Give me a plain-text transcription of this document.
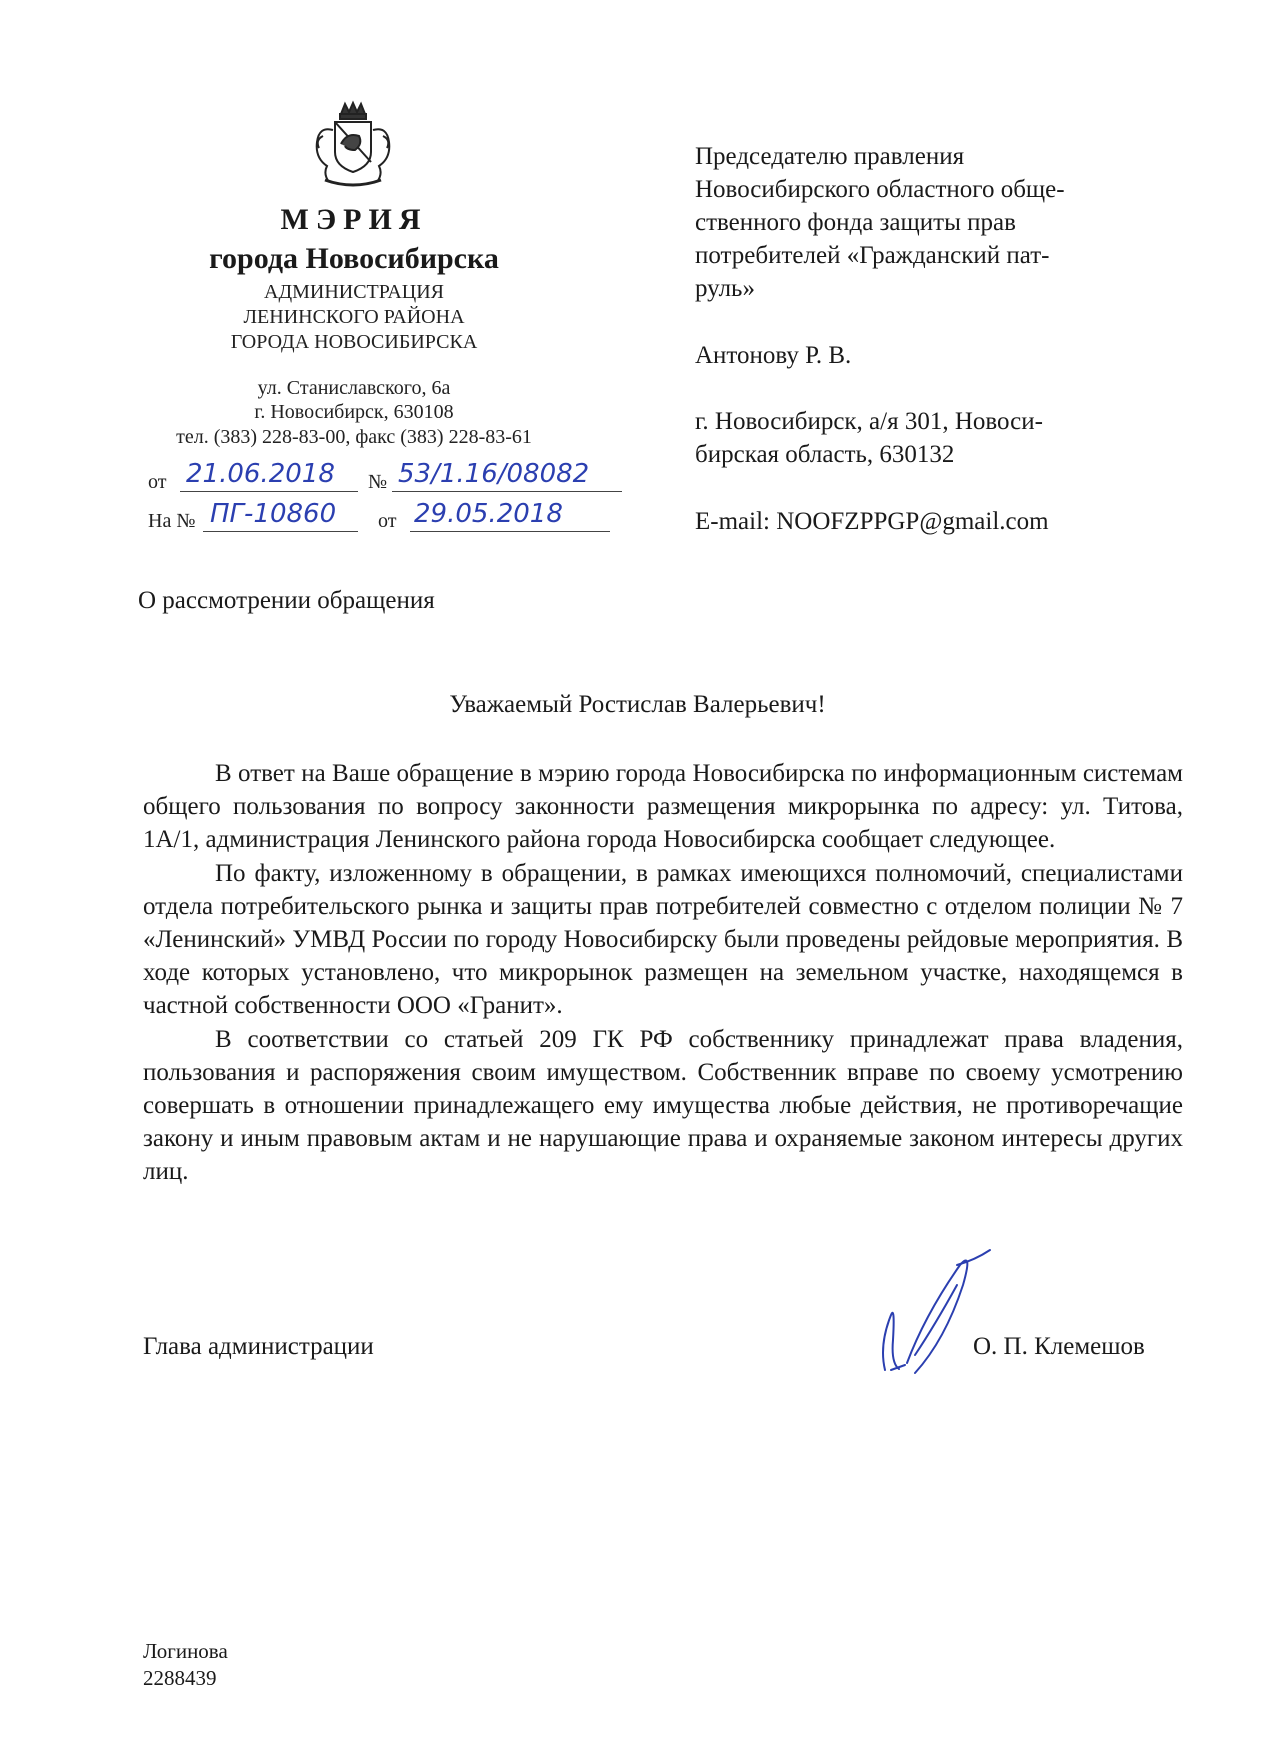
МЭРИЯ
города Новосибирска
АДМИНИСТРАЦИЯ
ЛЕНИНСКОГО РАЙОНА
ГОРОДА НОВОСИБИРСКА
ул. Станиславского, 6а
г. Новосибирск, 630108
тел. (383) 228-83-00, факс (383) 228-83-61
от 21.06.2018 № 53/1.16/08082
На № ПГ-10860 от 29.05.2018
Председателю правления
Новосибирского областного обще-
ственного фонда защиты прав
потребителей «Гражданский пат-
руль»
Антонову Р. В.
г. Новосибирск, а/я 301, Новоси-
бирская область, 630132
E-mail: NOOFZPPGP@gmail.com
О рассмотрении обращения
Уважаемый Ростислав Валерьевич!

В ответ на Ваше обращение в мэрию города Новосибирска по информационным системам общего пользования по вопросу законности размещения микрорынка по адресу: ул. Титова, 1А/1, администрация Ленинского района города Новосибирска сообщает следующее.

По факту, изложенному в обращении, в рамках имеющихся полномочий, специалистами отдела потребительского рынка и защиты прав потребителей совместно с отделом полиции № 7 «Ленинский» УМВД России по городу Новосибирску были проведены рейдовые мероприятия. В ходе которых установлено, что микрорынок размещен на земельном участке, находящемся в частной собственности ООО «Гранит».

В соответствии со статьей 209 ГК РФ собственнику принадлежат права владения, пользования и распоряжения своим имуществом. Собственник вправе по своему усмотрению совершать в отношении принадлежащего ему имущества любые действия, не противоречащие закону и иным правовым актам и не нарушающие права и охраняемые законом интересы других лиц.

Глава администрации	О. П. Клемешов
Логинова
2288439
